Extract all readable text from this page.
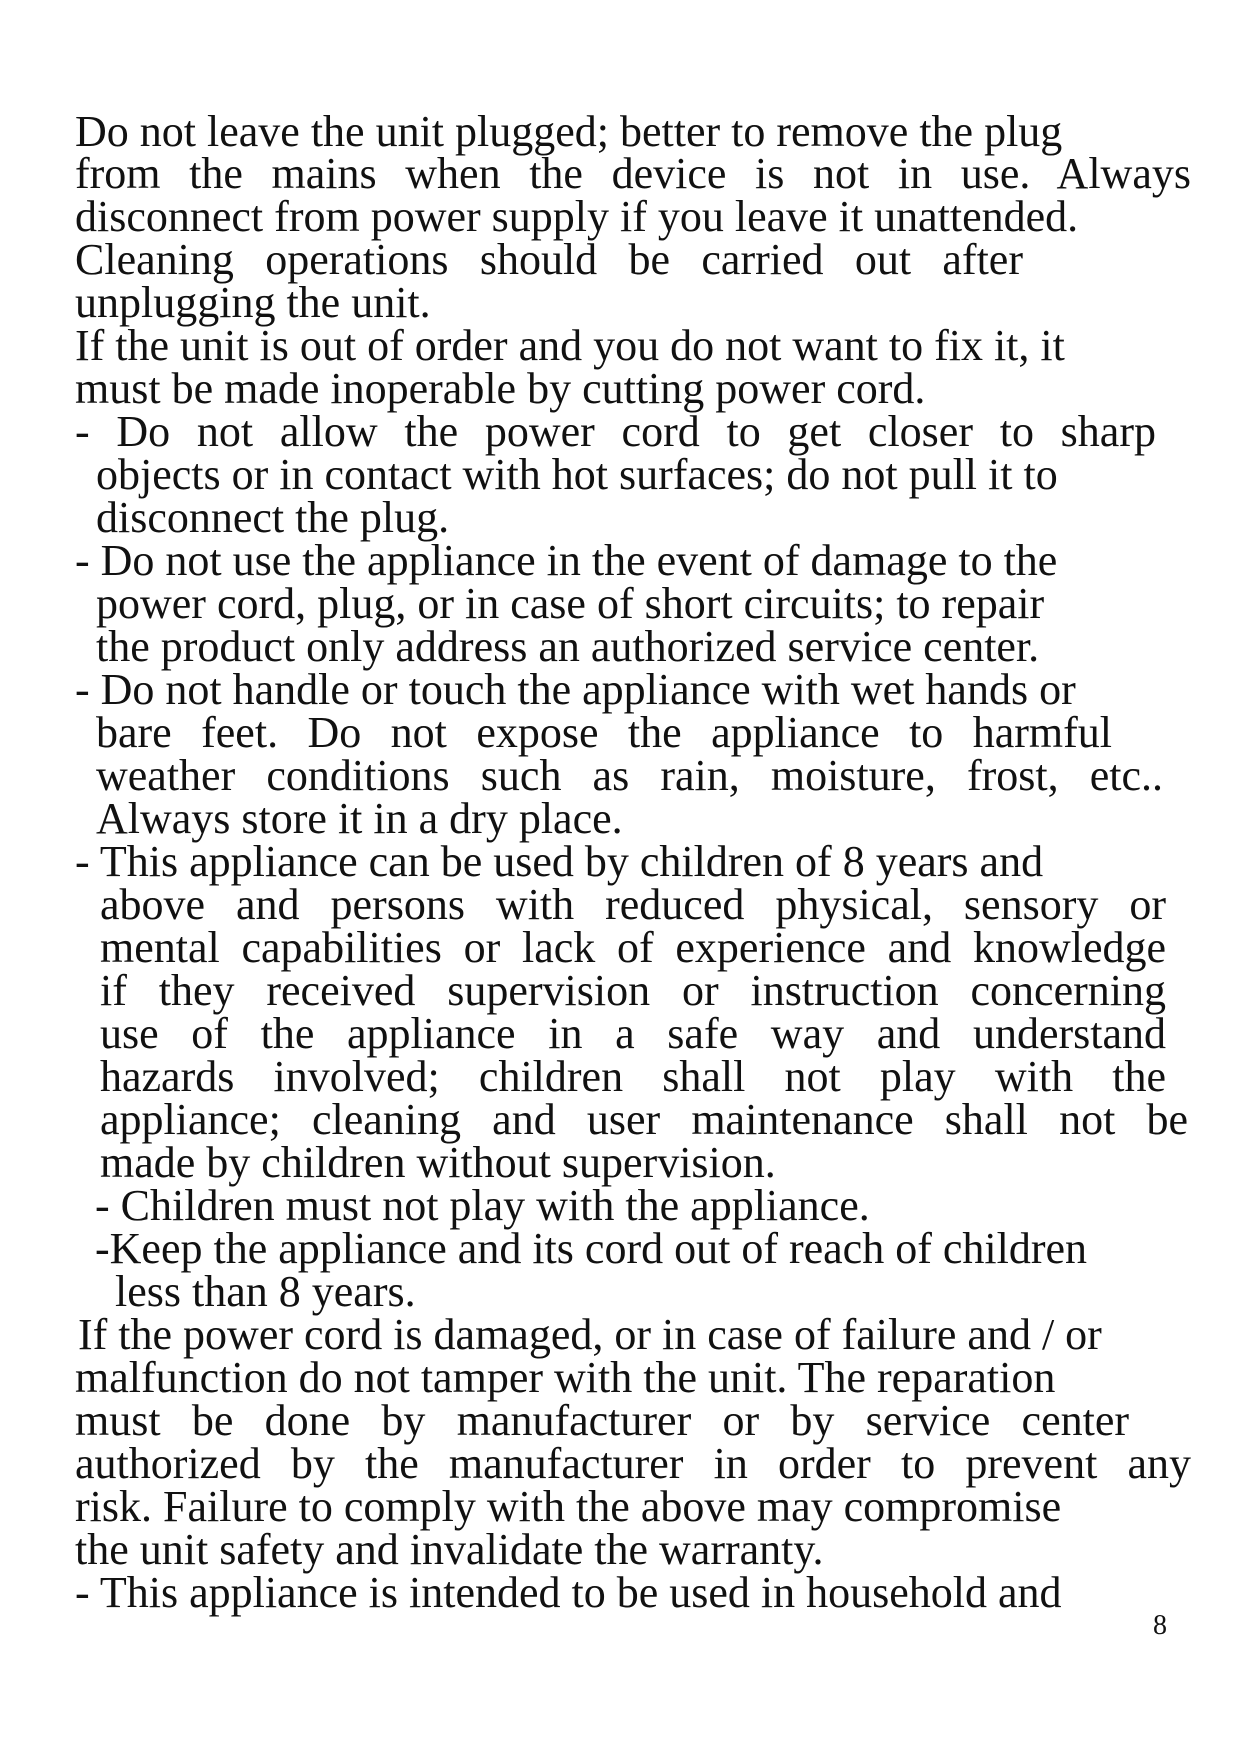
Do not leave the unit plugged; better to remove the plug
from the mains when the device is not in use. Always
disconnect from power supply if you leave it unattended.
Cleaning operations should be carried out after
unplugging the unit.
If the unit is out of order and you do not want to fix it, it
must be made inoperable by cutting power cord.
- Do not allow the power cord to get closer to sharp
objects or in contact with hot surfaces; do not pull it to
disconnect the plug.
- Do not use the appliance in the event of damage to the
power cord, plug, or in case of short circuits; to repair
the product only address an authorized service center.
- Do not handle or touch the appliance with wet hands or
bare feet. Do not expose the appliance to harmful
weather conditions such as rain, moisture, frost, etc..
Always store it in a dry place.
- This appliance can be used by children of 8 years and
above and persons with reduced physical, sensory or
mental capabilities or lack of experience and knowledge
if they received supervision or instruction concerning
use of the appliance in a safe way and understand
hazards involved; children shall not play with the
appliance; cleaning and user maintenance shall not be
made by children without supervision.
- Children must not play with the appliance.
-Keep the appliance and its cord out of reach of children
less than 8 years.
If the power cord is damaged, or in case of failure and / or
malfunction do not tamper with the unit. The reparation
must be done by manufacturer or by service center
authorized by the manufacturer in order to prevent any
risk. Failure to comply with the above may compromise
the unit safety and invalidate the warranty.
- This appliance is intended to be used in household and
8
